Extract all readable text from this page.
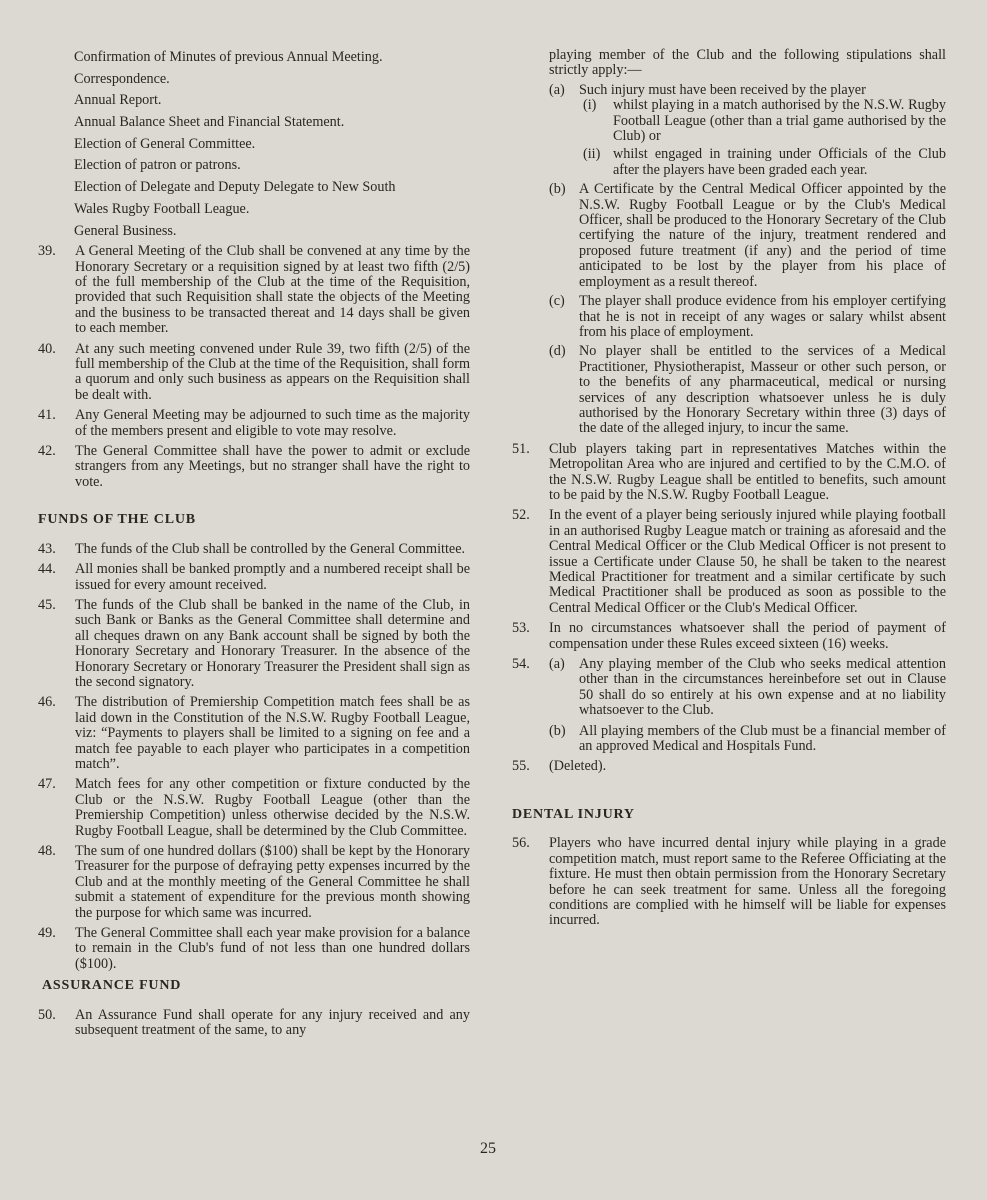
Confirmation of Minutes of previous Annual Meeting.
Correspondence.
Annual Report.
Annual Balance Sheet and Financial Statement.
Election of General Committee.
Election of patron or patrons.
Election of Delegate and Deputy Delegate to New South
Wales Rugby Football League.
General Business.
39.	A General Meeting of the Club shall be convened at any time by the Honorary Secretary or a requisition signed by at least two fifth (2/5) of the full membership of the Club at the time of the Requisition, provided that such Requisition shall state the objects of the Meeting and the business to be transacted thereat and 14 days shall be given to each member.
40.	At any such meeting convened under Rule 39, two fifth (2/5) of the full membership of the Club at the time of the Requisition, shall form a quorum and only such business as appears on the Requisition shall be dealt with.
41.	Any General Meeting may be adjourned to such time as the majority of the members present and eligible to vote may resolve.
42.	The General Committee shall have the power to admit or exclude strangers from any Meetings, but no stranger shall have the right to vote.
FUNDS OF THE CLUB
43.	The funds of the Club shall be controlled by the General Committee.
44.	All monies shall be banked promptly and a numbered receipt shall be issued for every amount received.
45.	The funds of the Club shall be banked in the name of the Club, in such Bank or Banks as the General Committee shall determine and all cheques drawn on any Bank account shall be signed by both the Honorary Secretary and Honorary Treasurer. In the absence of the Honorary Secretary or Honorary Treasurer the President shall sign as the second signatory.
46.	The distribution of Premiership Competition match fees shall be as laid down in the Constitution of the N.S.W. Rugby Football League, viz: “Payments to players shall be limited to a signing on fee and a match fee payable to each player who participates in a competition match”.
47.	Match fees for any other competition or fixture conducted by the Club or the N.S.W. Rugby Football League (other than the Premiership Competition) unless otherwise decided by the N.S.W. Rugby Football League, shall be determined by the Club Committee.
48.	The sum of one hundred dollars ($100) shall be kept by the Honorary Treasurer for the purpose of defraying petty expenses incurred by the Club and at the monthly meeting of the General Committee he shall submit a statement of expenditure for the previous month showing the purpose for which same was incurred.
49.	The General Committee shall each year make provision for a balance to remain in the Club's fund of not less than one hundred dollars ($100).
ASSURANCE FUND
50.	An Assurance Fund shall operate for any injury received and any subsequent treatment of the same, to any
playing member of the Club and the following stipulations shall strictly apply:—
(a)	Such injury must have been received by the player
(i)	whilst playing in a match authorised by the N.S.W. Rugby Football League (other than a trial game authorised by the Club) or
(ii) whilst engaged in training under Officials of the Club after the players have been graded each year.
(b) A Certificate by the Central Medical Officer appointed by the N.S.W. Rugby Football League or by the Club's Medical Officer, shall be produced to the Honorary Secretary of the Club certifying the nature of the injury, treatment rendered and proposed future treatment (if any) and the period of time anticipated to be lost by the player from his place of employment as a result thereof.
(c)	The player shall produce evidence from his employer certifying that he is not in receipt of any wages or salary whilst absent from his place of employment.
(d) No player shall be entitled to the services of a Medical Practitioner, Physiotherapist, Masseur or other such person, or to the benefits of any pharmaceutical, medical or nursing services of any description whatsoever unless he is duly authorised by the Honorary Secretary within three (3) days of the date of the alleged injury, to incur the same.
51.	Club players taking part in representatives Matches within the Metropolitan Area who are injured and certified to by the C.M.O. of the N.S.W. Rugby League shall be entitled to benefits, such amount to be paid by the N.S.W. Rugby Football League.
52.	In the event of a player being seriously injured while playing football in an authorised Rugby League match or training as aforesaid and the Central Medical Officer or the Club Medical Officer is not present to issue a Certificate under Clause 50, he shall be taken to the nearest Medical Practitioner for treatment and a similar certificate by such Medical Practitioner shall be produced as soon as possible to the Central Medical Officer or the Club's Medical Officer.
53.	In no circumstances whatsoever shall the period of payment of compensation under these Rules exceed sixteen (16) weeks.
54.	(a)	Any playing member of the Club who seeks medical attention other than in the circumstances hereinbefore set out in Clause 50 shall do so entirely at his own expense and at no liability whatsoever to the Club.
(b) All playing members of the Club must be a financial member of an approved Medical and Hospitals Fund.
55.	(Deleted).
DENTAL INJURY
56.	Players who have incurred dental injury while playing in a grade competition match, must report same to the Referee Officiating at the fixture. He must then obtain permission from the Honorary Secretary before he can seek treatment for same. Unless all the foregoing conditions are complied with he himself will be liable for expenses incurred.
25
